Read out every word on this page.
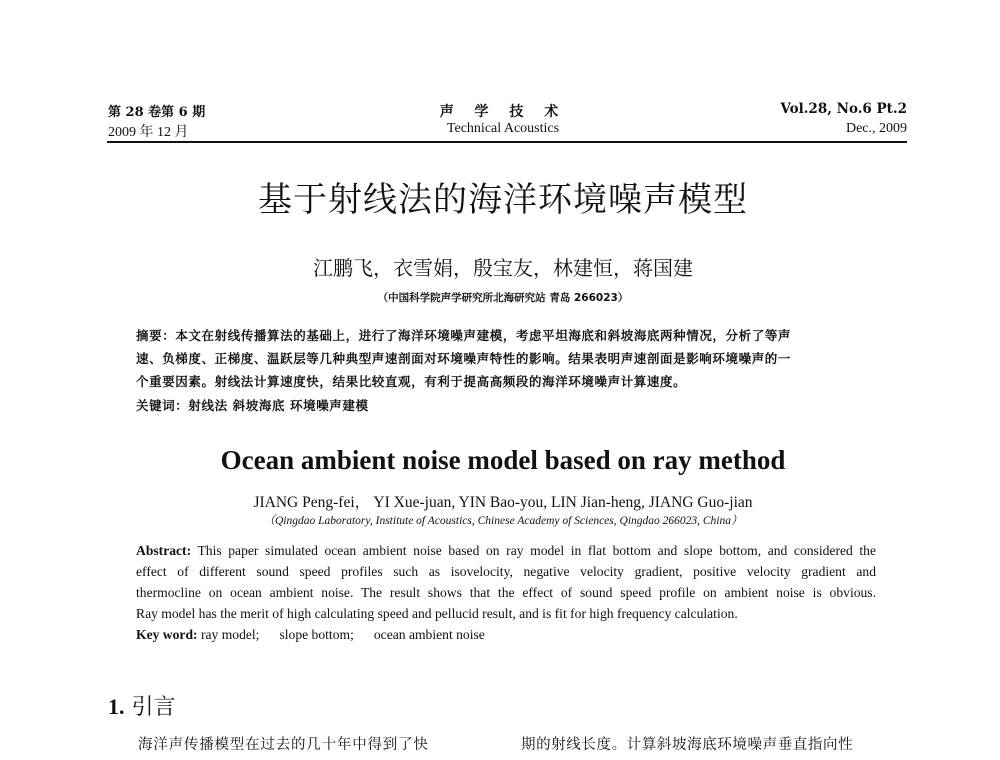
第 28 卷第 6 期
2009 年 12 月
声 学 技 术
Technical Acoustics
Vol.28, No.6 Pt.2
Dec., 2009
基于射线法的海洋环境噪声模型
江鹏飞，衣雪娟，殷宝友，林建恒，蒋国建
（中国科学院声学研究所北海研究站 青岛 266023）
摘要：本文在射线传播算法的基础上，进行了海洋环境噪声建模，考虑平坦海底和斜坡海底两种情况，分析了等声
速、负梯度、正梯度、温跃层等几种典型声速剖面对环境噪声特性的影响。结果表明声速剖面是影响环境噪声的一
个重要因素。射线法计算速度快，结果比较直观，有利于提高高频段的海洋环境噪声计算速度。
关键词：射线法 斜坡海底 环境噪声建模
Ocean ambient noise model based on ray method
JIANG Peng-fei， YI Xue-juan, YIN Bao-you, LIN Jian-heng, JIANG Guo-jian
（Qingdao Laboratory, Institute of Acoustics, Chinese Academy of Sciences, Qingdao 266023, China）
Abstract: This paper simulated ocean ambient noise based on ray model in flat bottom and slope bottom, and considered the
effect of different sound speed profiles such as isovelocity, negative velocity gradient, positive velocity gradient and
thermocline on ocean ambient noise. The result shows that the effect of sound speed profile on ambient noise is obvious.
Ray model has the merit of high calculating speed and pellucid result, and is fit for high frequency calculation.
Key word: ray model; slope bottom; ocean ambient noise
1. 引言
海洋声传播模型在过去的几十年中得到了快	期的射线长度。计算斜坡海底环境噪声垂直指向性
